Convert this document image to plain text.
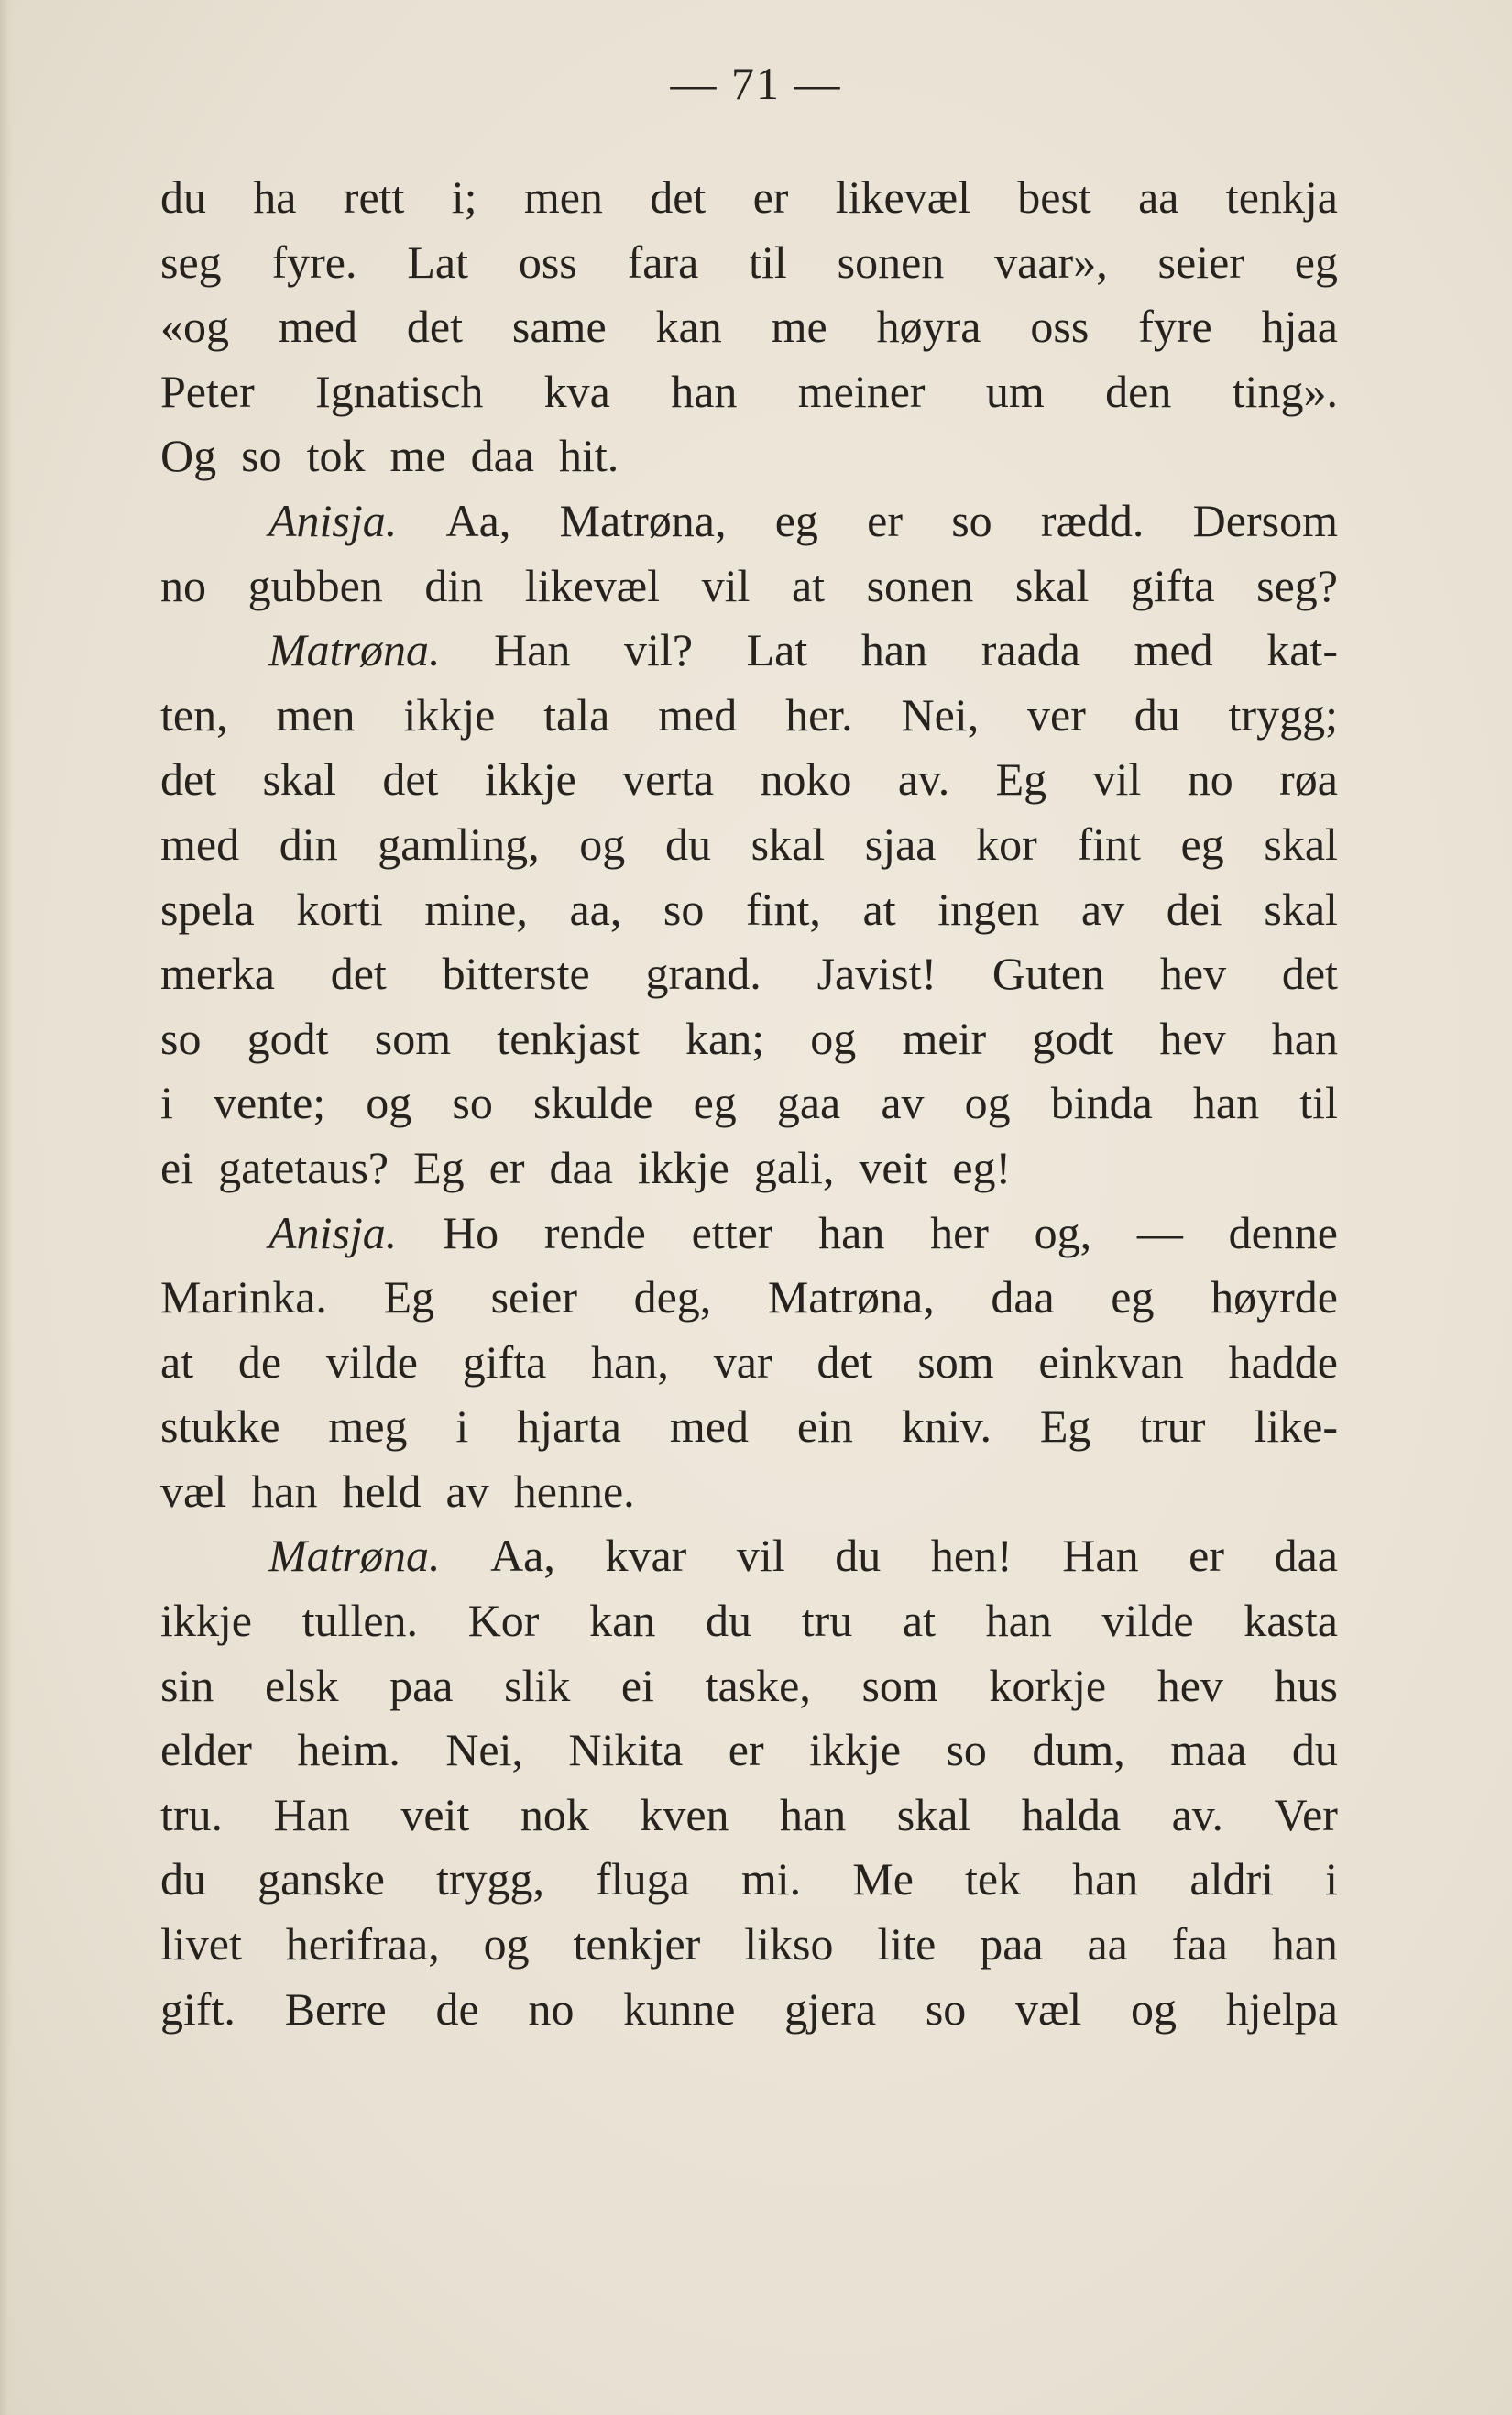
— 71 —
du ha rett i; men det er likevæl best aa tenkja
seg fyre. Lat oss fara til sonen vaar», seier eg
«og med det same kan me høyra oss fyre hjaa
Peter Ignatisch kva han meiner um den ting».
Og so tok me daa hit.
Anisja. Aa, Matrøna, eg er so rædd. Dersom
no gubben din likevæl vil at sonen skal gifta seg?
Matrøna. Han vil? Lat han raada med kat-
ten, men ikkje tala med her. Nei, ver du trygg;
det skal det ikkje verta noko av. Eg vil no røa
med din gamling, og du skal sjaa kor fint eg skal
spela korti mine, aa, so fint, at ingen av dei skal
merka det bitterste grand. Javist! Guten hev det
so godt som tenkjast kan; og meir godt hev han
i vente; og so skulde eg gaa av og binda han til
ei gatetaus? Eg er daa ikkje gali, veit eg!
Anisja. Ho rende etter han her og, — denne
Marinka. Eg seier deg, Matrøna, daa eg høyrde
at de vilde gifta han, var det som einkvan hadde
stukke meg i hjarta med ein kniv. Eg trur like-
væl han held av henne.
Matrøna. Aa, kvar vil du hen! Han er daa
ikkje tullen. Kor kan du tru at han vilde kasta
sin elsk paa slik ei taske, som korkje hev hus
elder heim. Nei, Nikita er ikkje so dum, maa du
tru. Han veit nok kven han skal halda av. Ver
du ganske trygg, fluga mi. Me tek han aldri i
livet herifraa, og tenkjer likso lite paa aa faa han
gift. Berre de no kunne gjera so væl og hjelpa
